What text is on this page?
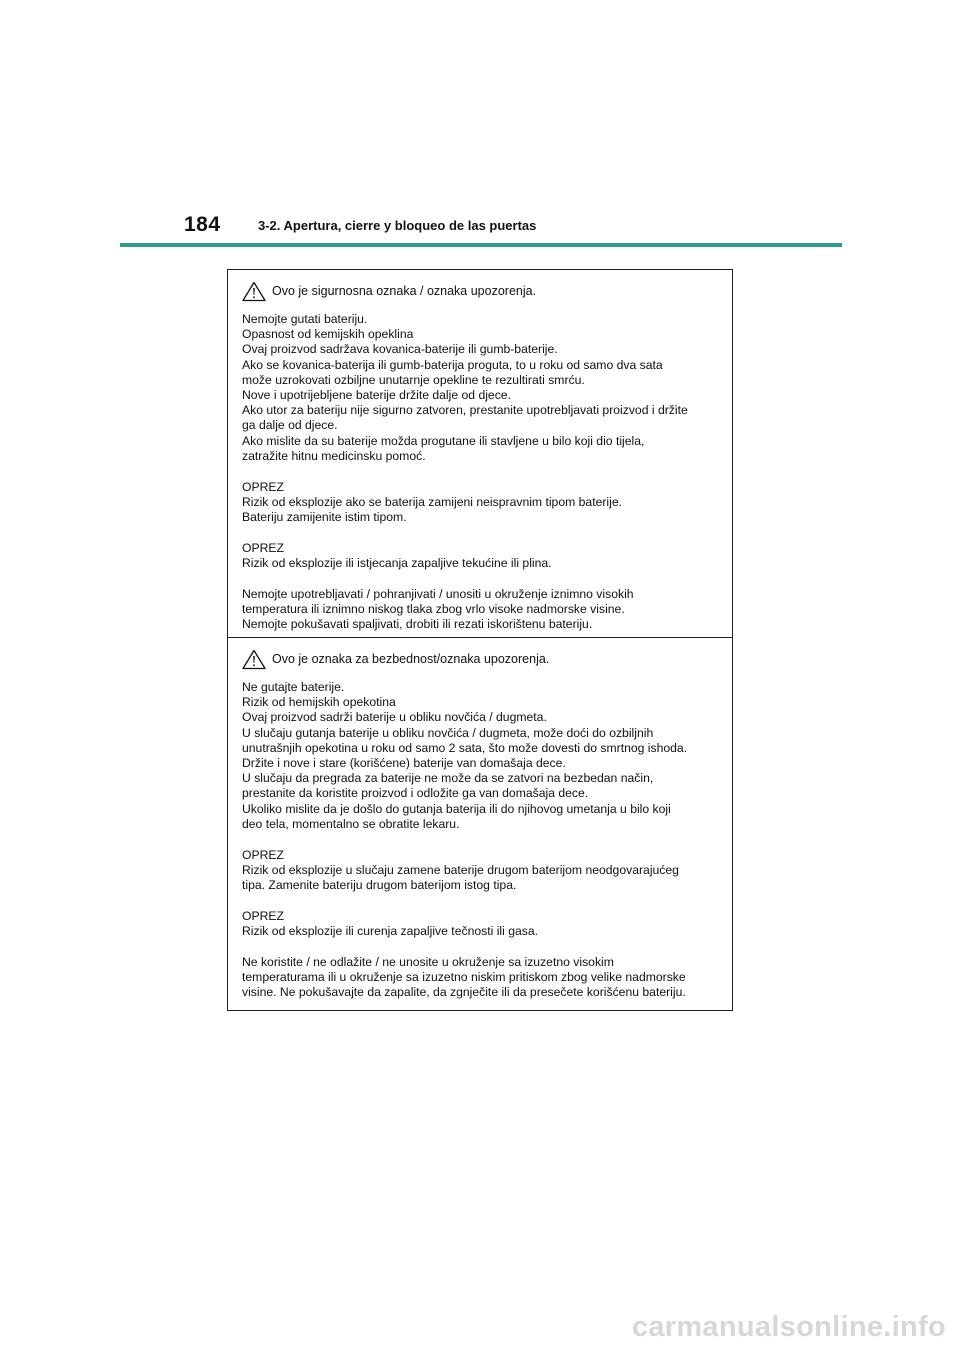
184	3-2. Apertura, cierre y bloqueo de las puertas
Ovo je sigurnosna oznaka / oznaka upozorenja.
Nemojte gutati bateriju.
Opasnost od kemijskih opeklina
Ovaj proizvod sadržava kovanica-baterije ili gumb-baterije.
Ako se kovanica-baterija ili gumb-baterija proguta, to u roku od samo dva sata
može uzrokovati ozbiljne unutarnje opekline te rezultirati smrću.
Nove i upotrijebljene baterije držite dalje od djece.
Ako utor za bateriju nije sigurno zatvoren, prestanite upotrebljavati proizvod i držite
ga dalje od djece.
Ako mislite da su baterije možda progutane ili stavljene u bilo koji dio tijela,
zatražite hitnu medicinsku pomoć.
OPREZ
Rizik od eksplozije ako se baterija zamijeni neispravnim tipom baterije.
Bateriju zamijenite istim tipom.
OPREZ
Rizik od eksplozije ili istjecanja zapaljive tekućine ili plina.
Nemojte upotrebljavati / pohranjivati / unositi u okruženje iznimno visokih
temperatura ili iznimno niskog tlaka zbog vrlo visoke nadmorske visine.
Nemojte pokušavati spaljivati, drobiti ili rezati iskorištenu bateriju.
Ovo je oznaka za bezbednost/oznaka upozorenja.
Ne gutajte baterije.
Rizik od hemijskih opekotina
Ovaj proizvod sadrži baterije u obliku novčića / dugmeta.
U slučaju gutanja baterije u obliku novčića / dugmeta, može doći do ozbiljnih
unutrašnjih opekotina u roku od samo 2 sata, što može dovesti do smrtnog ishoda.
Držite i nove i stare (korišćene) baterije van domašaja dece.
U slučaju da pregrada za baterije ne može da se zatvori na bezbedan način,
prestanite da koristite proizvod i odložite ga van domašaja dece.
Ukoliko mislite da je došlo do gutanja baterija ili do njihovog umetanja u bilo koji
deo tela, momentalno se obratite lekaru.
OPREZ
Rizik od eksplozije u slučaju zamene baterije drugom baterijom neodgovarajućeg
tipa. Zamenite bateriju drugom baterijom istog tipa.
OPREZ
Rizik od eksplozije ili curenja zapaljive tečnosti ili gasa.
Ne koristite / ne odlažite / ne unosite u okruženje sa izuzetno visokim
temperaturama ili u okruženje sa izuzetno niskim pritiskom zbog velike nadmorske
visine. Ne pokušavajte da zapalite, da zgnječite ili da presečete korišćenu bateriju.
carmanualsonline.info
